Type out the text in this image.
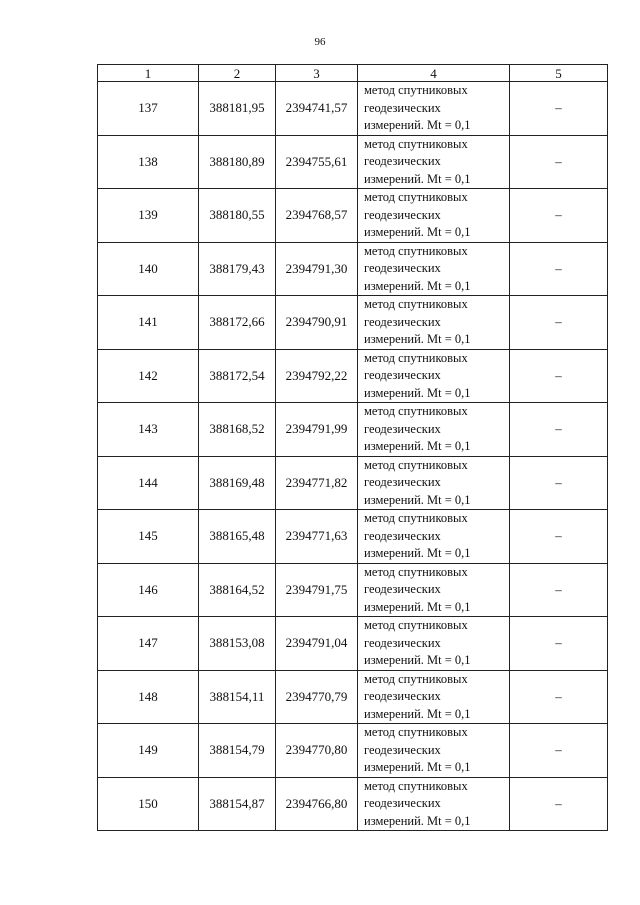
96
1	2	3	4	5
137	388181,95	2394741,57	метод спутниковых
геодезических
измерений. Mt = 0,1	–
138	388180,89	2394755,61	метод спутниковых
геодезических
измерений. Mt = 0,1	–
139	388180,55	2394768,57	метод спутниковых
геодезических
измерений. Mt = 0,1	–
140	388179,43	2394791,30	метод спутниковых
геодезических
измерений. Mt = 0,1	–
141	388172,66	2394790,91	метод спутниковых
геодезических
измерений. Mt = 0,1	–
142	388172,54	2394792,22	метод спутниковых
геодезических
измерений. Mt = 0,1	–
143	388168,52	2394791,99	метод спутниковых
геодезических
измерений. Mt = 0,1	–
144	388169,48	2394771,82	метод спутниковых
геодезических
измерений. Mt = 0,1	–
145	388165,48	2394771,63	метод спутниковых
геодезических
измерений. Mt = 0,1	–
146	388164,52	2394791,75	метод спутниковых
геодезических
измерений. Mt = 0,1	–
147	388153,08	2394791,04	метод спутниковых
геодезических
измерений. Mt = 0,1	–
148	388154,11	2394770,79	метод спутниковых
геодезических
измерений. Mt = 0,1	–
149	388154,79	2394770,80	метод спутниковых
геодезических
измерений. Mt = 0,1	–
150	388154,87	2394766,80	метод спутниковых
геодезических
измерений. Mt = 0,1	–
